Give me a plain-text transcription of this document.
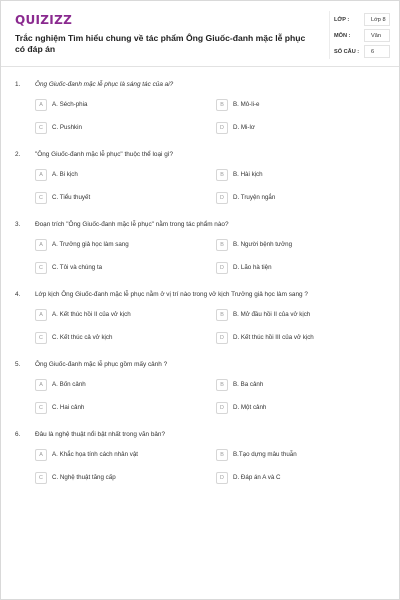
QUIZIZZ
Trắc nghiệm Tìm hiểu chung về tác phẩm Ông Giuốc-đanh mặc lễ phục có đáp án
LỚP :	Lớp 8
MÔN :	Văn
SỐ CÂU :	6
1. Ông Giuốc-đanh mặc lễ phục là sáng tác của ai?
A	A. Séch-phia	B	B. Mô-li-e
C	C. Pushkin	D	D. Mi-lơ
2. "Ông Giuốc-đanh mặc lễ phục" thuộc thể loại gì?
A	A. Bi kịch	B	B. Hài kịch
C	C. Tiểu thuyết	D	D. Truyện ngắn
3. Đoạn trích "Ông Giuốc-đanh mặc lễ phục" nằm trong tác phẩm nào?
A	A. Trưởng giả học làm sang	B	B. Người bệnh tưởng
C	C. Tôi và chúng ta	D	D. Lão hà tiện
4. Lớp kịch Ông Giuốc-đanh mặc lễ phục nằm ở vị trí nào trong vở kịch Trưởng giả học làm sang ?
A	A. Kết thúc hồi II của vở kịch	B	B. Mở đầu hồi II của vở kịch
C	C. Kết thúc cả vở kịch	D	D. Kết thúc hồi III của vở kịch
5. Ông Giuốc-đanh mặc lễ phục gồm mấy cảnh ?
A	A. Bốn cảnh	B	B. Ba cảnh
C	C. Hai cảnh	D	D. Một cảnh
6. Đâu là nghệ thuật nổi bật nhất trong văn bản?
A	A. Khắc họa tính cách nhân vật	B	B.Tạo dựng mâu thuẫn
C	C. Nghệ thuật tăng cấp	D	D. Đáp án A và C
